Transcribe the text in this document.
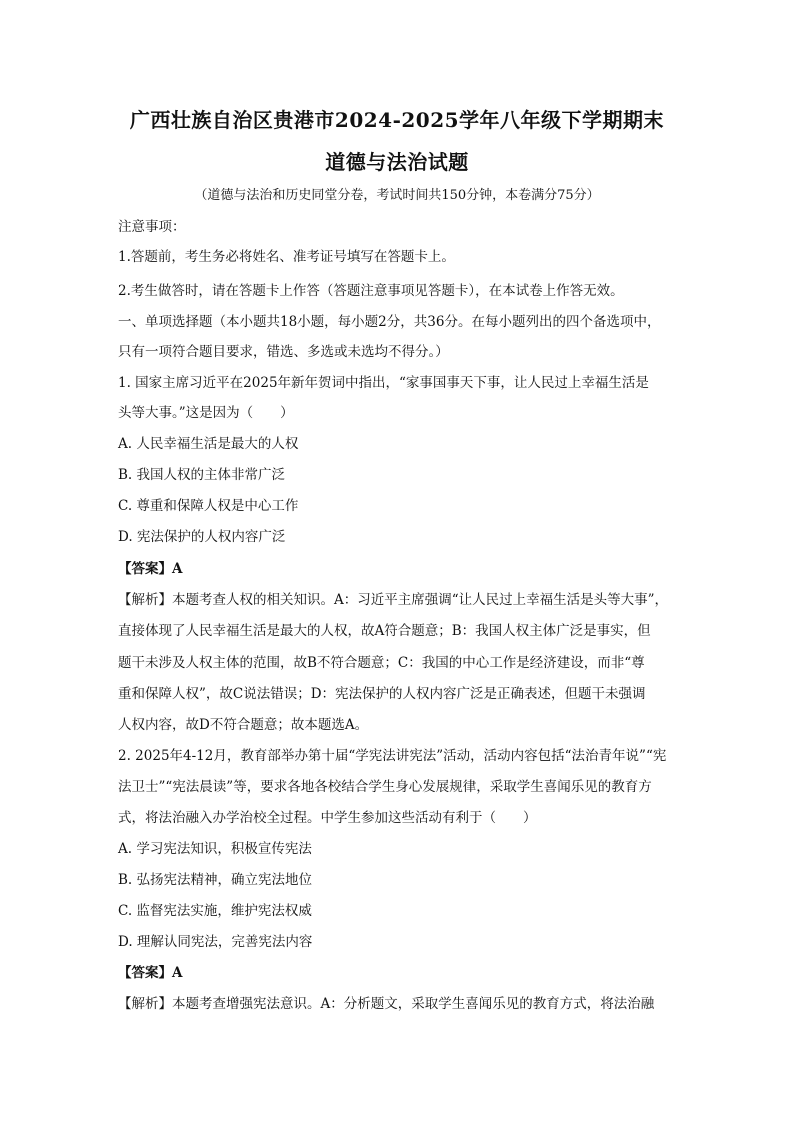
广西壮族自治区贵港市2024-2025学年八年级下学期期末
道德与法治试题
（道德与法治和历史同堂分卷，考试时间共150分钟，本卷满分75分）
注意事项：
1.答题前，考生务必将姓名、准考证号填写在答题卡上。
2.考生做答时，请在答题卡上作答（答题注意事项见答题卡），在本试卷上作答无效。
一、单项选择题（本小题共18小题，每小题2分，共36分。在每小题列出的四个备选项中，
只有一项符合题目要求，错选、多选或未选均不得分。）
1. 国家主席习近平在2025年新年贺词中指出，“家事国事天下事，让人民过上幸福生活是
头等大事。”这是因为（　　）
A. 人民幸福生活是最大的人权
B. 我国人权的主体非常广泛
C. 尊重和保障人权是中心工作
D. 宪法保护的人权内容广泛
【答案】A
【解析】本题考查人权的相关知识。A：习近平主席强调“让人民过上幸福生活是头等大事”，
直接体现了人民幸福生活是最大的人权，故A符合题意；B：我国人权主体广泛是事实，但
题干未涉及人权主体的范围，故B不符合题意；C：我国的中心工作是经济建设，而非“尊
重和保障人权”，故C说法错误；D：宪法保护的人权内容广泛是正确表述，但题干未强调
人权内容，故D不符合题意；故本题选A。
2. 2025年4-12月，教育部举办第十届“学宪法讲宪法”活动，活动内容包括“法治青年说”“宪
法卫士”“宪法晨读”等，要求各地各校结合学生身心发展规律，采取学生喜闻乐见的教育方
式，将法治融入办学治校全过程。中学生参加这些活动有利于（　　）
A. 学习宪法知识，积极宣传宪法
B. 弘扬宪法精神，确立宪法地位
C. 监督宪法实施，维护宪法权威
D. 理解认同宪法，完善宪法内容
【答案】A
【解析】本题考查增强宪法意识。A：分析题文，采取学生喜闻乐见的教育方式，将法治融
